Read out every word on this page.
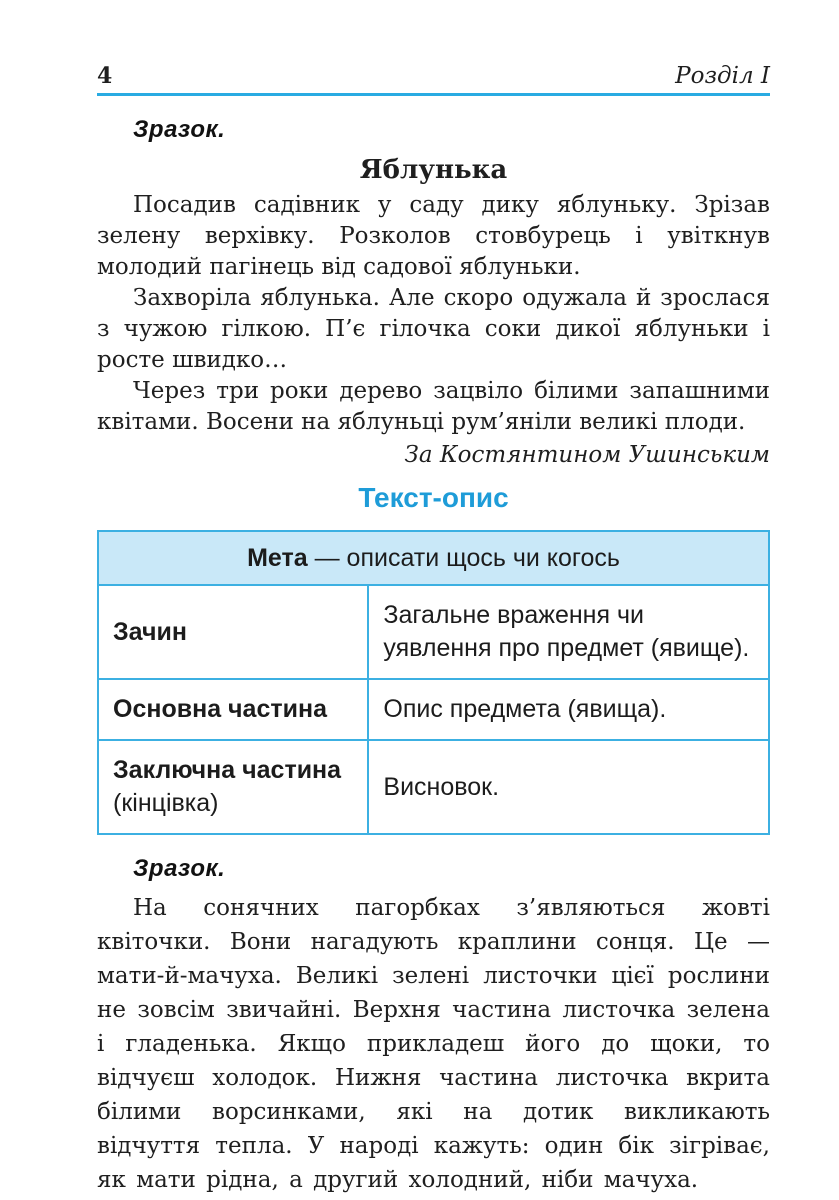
4	Розділ I
Зразок.
Яблунька

Посадив садівник у саду дику яблуньку. Зрізав зелену верхівку. Розколов стовбурець і увіткнув молодий пагінець від садової яблуньки.

Захворіла яблунька. Але скоро одужала й зрослася з чужою гілкою. П’є гілочка соки дикої яблуньки і росте швидко…

Через три роки дерево зацвіло білими запашними квітами. Восени на яблуньці рум’яніли великі плоди.

За Костянтином Ушинським
Текст-опис
Мета — описати щось чи когось	
Зачин	Загальне враження чи уявлення про предмет (явище).
Основна частина	Опис предмета (явища).
Заключна частина
(кінцівка)	Висновок.
Зразок.

На сонячних пагорбках з’являються жовті квіточки. Вони нагадують краплини сонця. Це — мати-й-мачуха. Великі зелені листочки цієї рослини не зовсім звичайні. Верхня частина листочка зелена і гладенька. Якщо прикладеш його до щоки, то відчуєш холодок. Нижня частина листочка вкрита білими ворсинками, які на дотик викликають відчуття тепла. У народі кажуть: один бік зігріває, як мати рідна, а другий холодний, ніби мачуха.
